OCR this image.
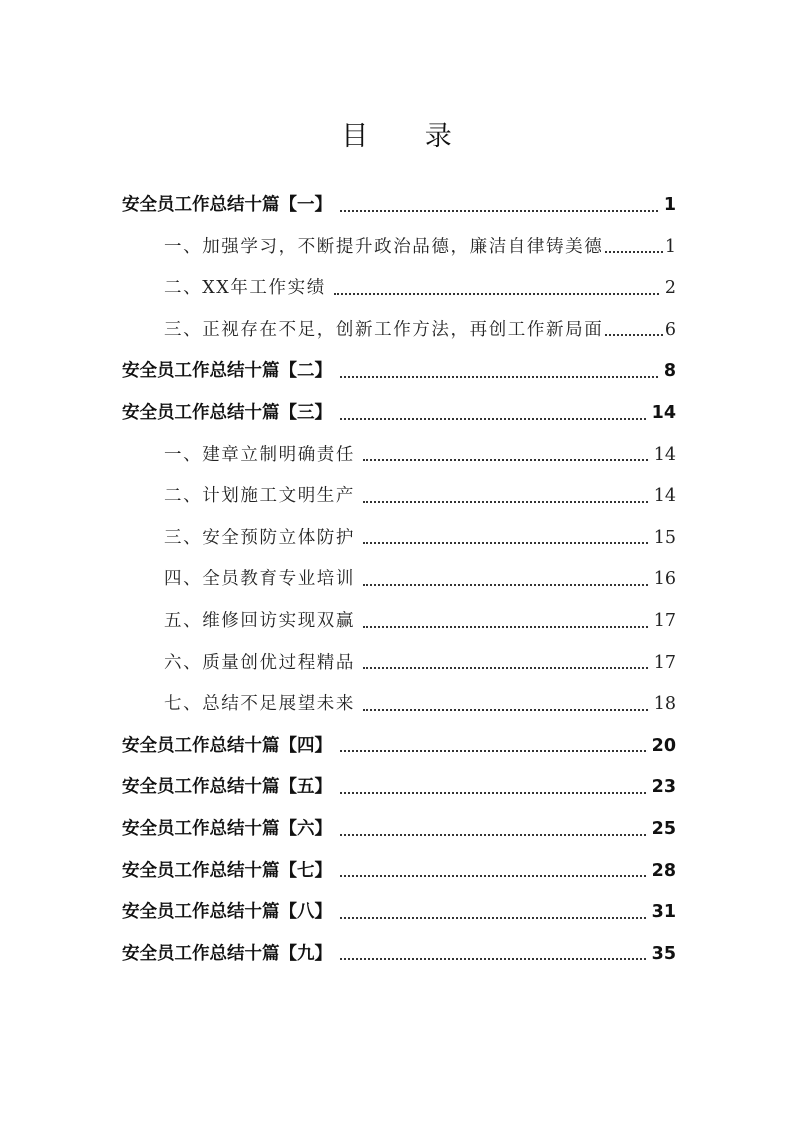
目 录
安全员工作总结十篇【一】	1
一、加强学习，不断提升政治品德，廉洁自律铸美德	1
二、XX年工作实绩	2
三、正视存在不足，创新工作方法，再创工作新局面	6
安全员工作总结十篇【二】	8
安全员工作总结十篇【三】	14
一、建章立制明确责任	14
二、计划施工文明生产	14
三、安全预防立体防护	15
四、全员教育专业培训	16
五、维修回访实现双赢	17
六、质量创优过程精品	17
七、总结不足展望未来	18
安全员工作总结十篇【四】	20
安全员工作总结十篇【五】	23
安全员工作总结十篇【六】	25
安全员工作总结十篇【七】	28
安全员工作总结十篇【八】	31
安全员工作总结十篇【九】	35
